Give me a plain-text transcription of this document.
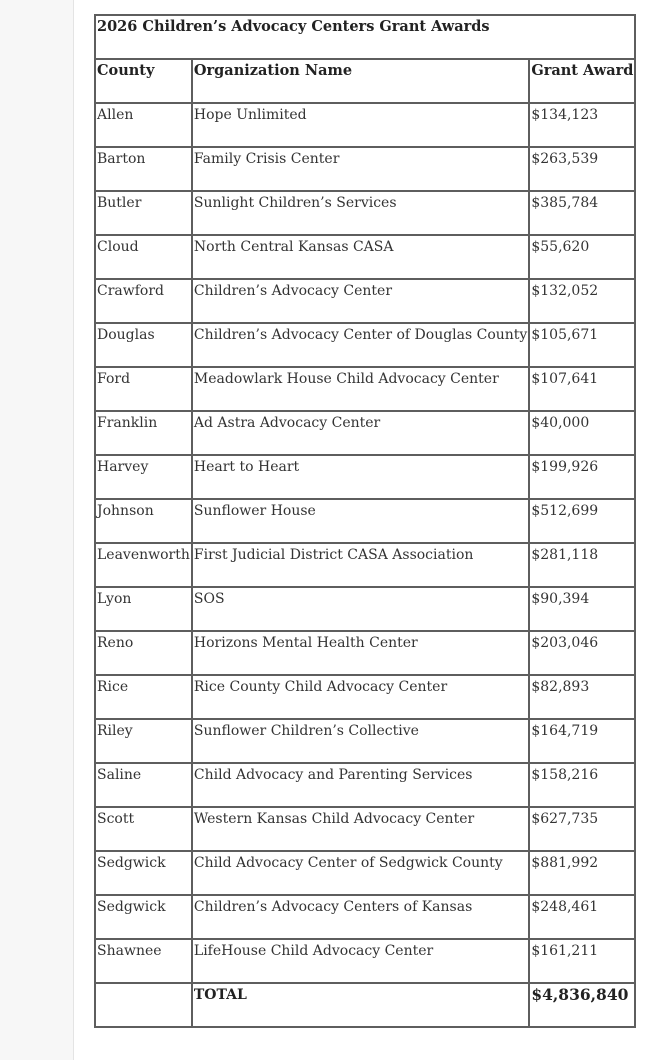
2026 Children’s Advocacy Centers Grant Awards		
County	Organization Name	Grant Award
Allen	Hope Unlimited	$134,123
Barton	Family Crisis Center	$263,539
Butler	Sunlight Children’s Services	$385,784
Cloud	North Central Kansas CASA	$55,620
Crawford	Children’s Advocacy Center	$132,052
Douglas	Children’s Advocacy Center of Douglas County	$105,671
Ford	Meadowlark House Child Advocacy Center	$107,641
Franklin	Ad Astra Advocacy Center	$40,000
Harvey	Heart to Heart	$199,926
Johnson	Sunflower House	$512,699
Leavenworth	First Judicial District CASA Association	$281,118
Lyon	SOS	$90,394
Reno	Horizons Mental Health Center	$203,046
Rice	Rice County Child Advocacy Center	$82,893
Riley	Sunflower Children’s Collective	$164,719
Saline	Child Advocacy and Parenting Services	$158,216
Scott	Western Kansas Child Advocacy Center	$627,735
Sedgwick	Child Advocacy Center of Sedgwick County	$881,992
Sedgwick	Children’s Advocacy Centers of Kansas	$248,461
Shawnee	LifeHouse Child Advocacy Center	$161,211
	TOTAL	$4,836,840
